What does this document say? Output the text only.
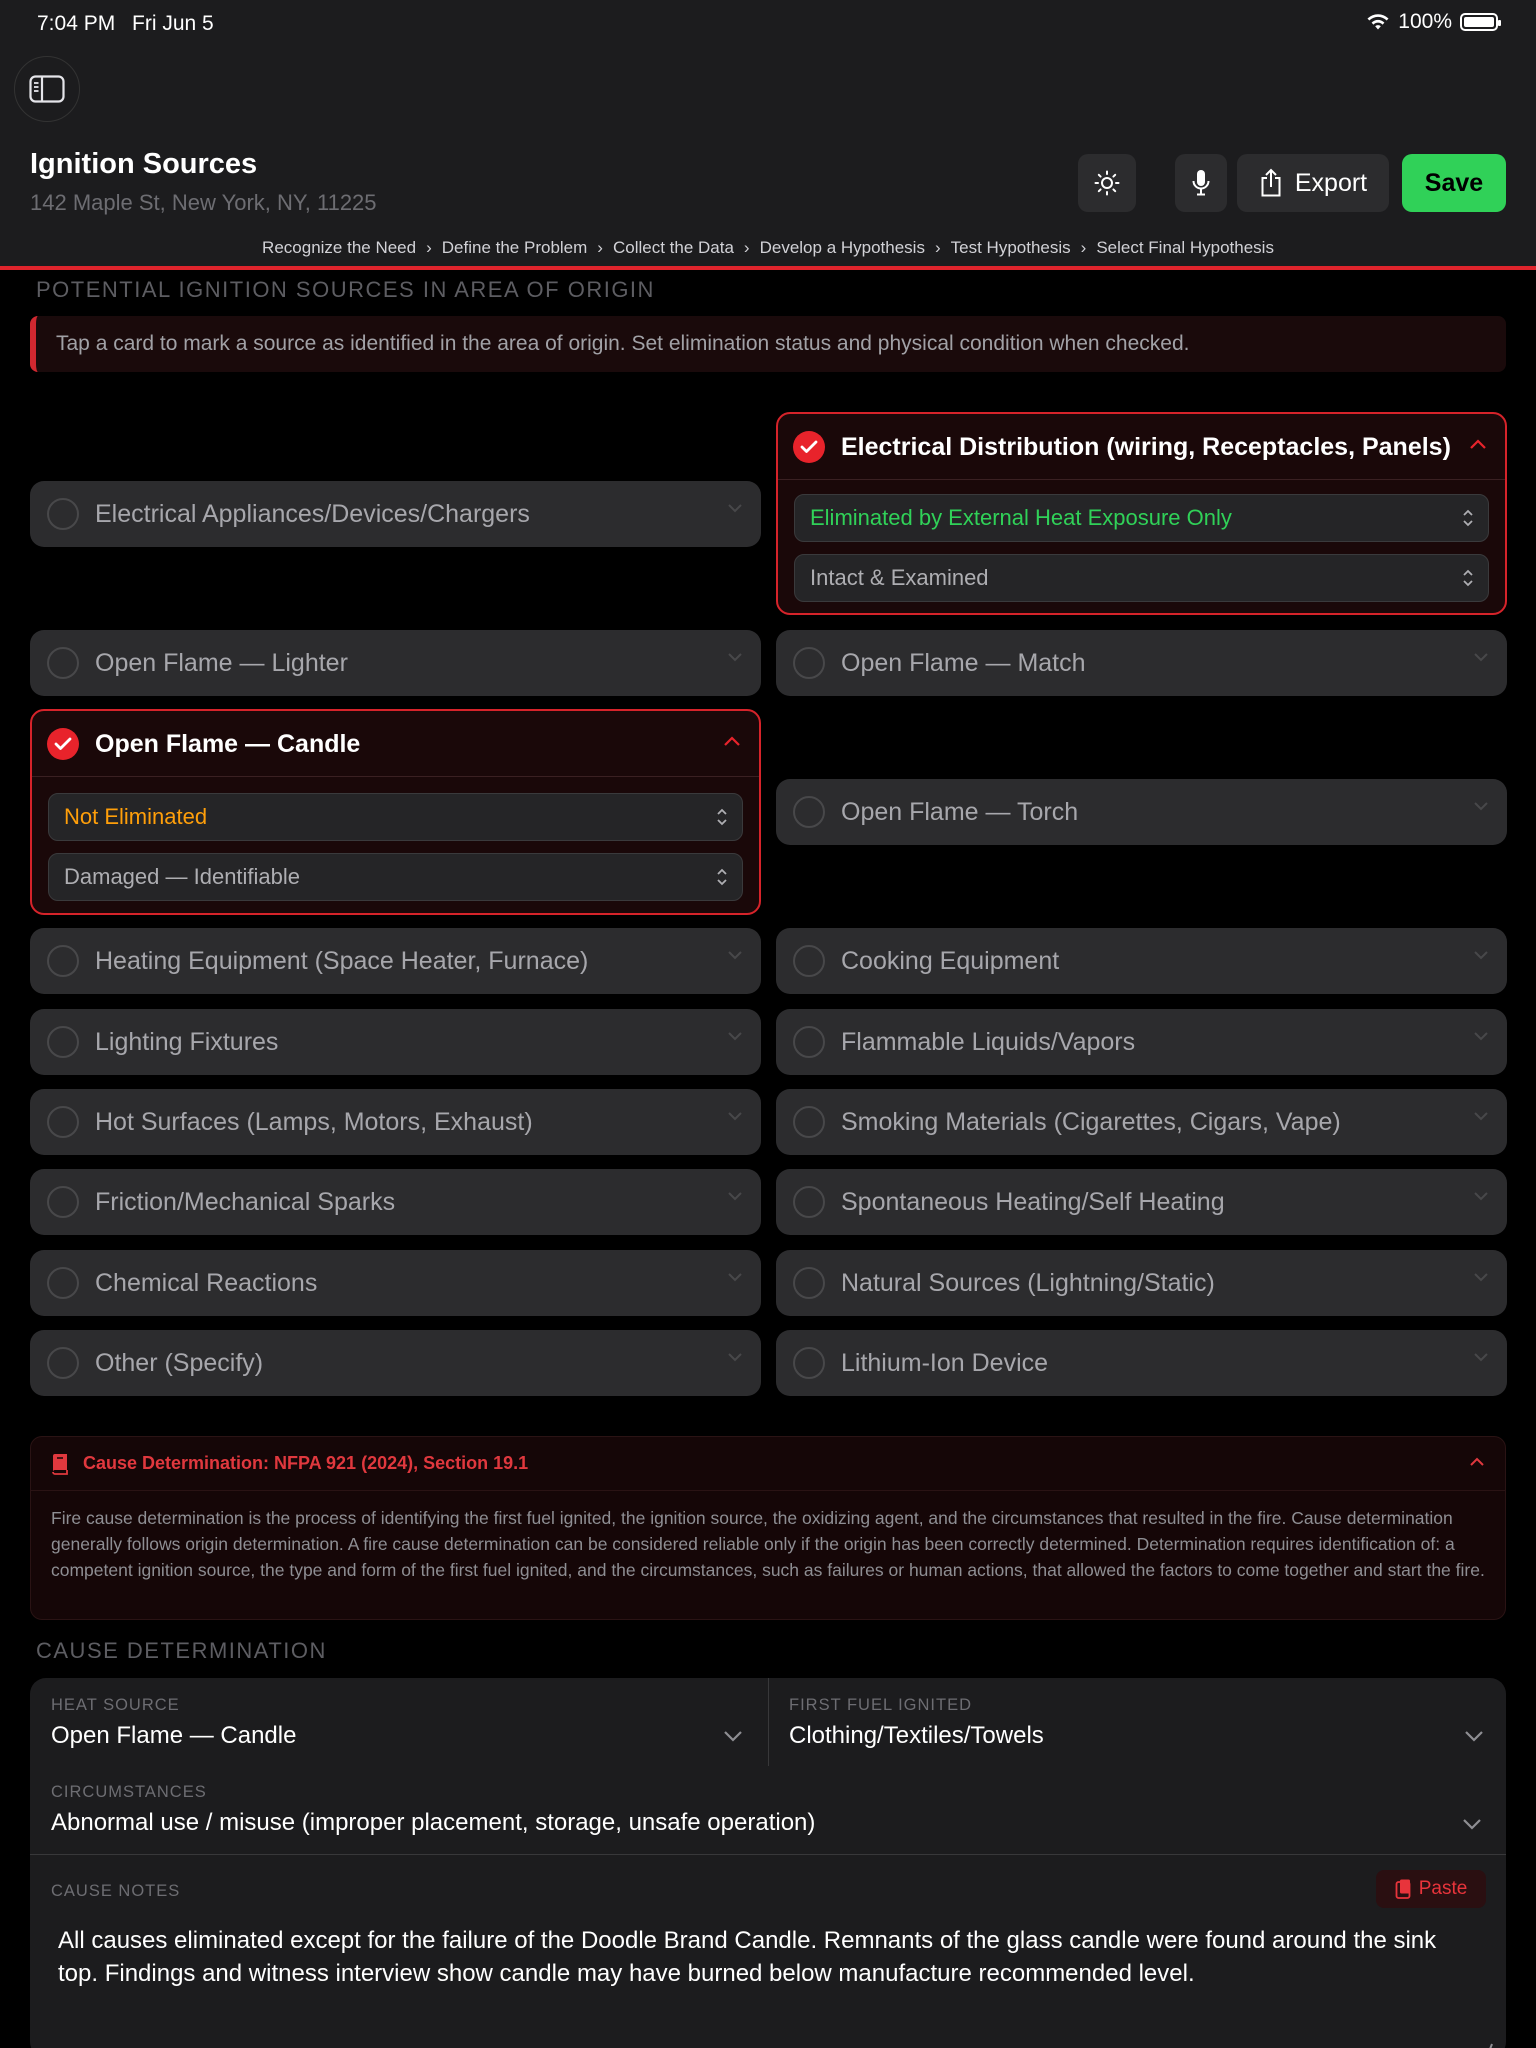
7:04 PM Fri Jun 5	100%
Ignition Sources
142 Maple St, New York, NY, 11225
Export	Save
Recognize the Need › Define the Problem › Collect the Data › Develop a Hypothesis › Test Hypothesis › Select Final Hypothesis
POTENTIAL IGNITION SOURCES IN AREA OF ORIGIN
Tap a card to mark a source as identified in the area of origin. Set elimination status and physical condition when checked.
Electrical Distribution (wiring, Receptacles, Panels)
Eliminated by External Heat Exposure Only
Intact & Examined
Electrical Appliances/Devices/Chargers
Open Flame — Lighter	Open Flame — Match
Open Flame — Candle
Not Eliminated
Damaged — Identifiable
Open Flame — Torch
Heating Equipment (Space Heater, Furnace)	Cooking Equipment
Lighting Fixtures	Flammable Liquids/Vapors
Hot Surfaces (Lamps, Motors, Exhaust)	Smoking Materials (Cigarettes, Cigars, Vape)
Friction/Mechanical Sparks	Spontaneous Heating/Self Heating
Chemical Reactions	Natural Sources (Lightning/Static)
Other (Specify)	Lithium-Ion Device
Cause Determination: NFPA 921 (2024), Section 19.1
Fire cause determination is the process of identifying the first fuel ignited, the ignition source, the oxidizing agent, and the circumstances that resulted in the fire. Cause determination generally follows origin determination. A fire cause determination can be considered reliable only if the origin has been correctly determined. Determination requires identification of: a competent ignition source, the type and form of the first fuel ignited, and the circumstances, such as failures or human actions, that allowed the factors to come together and start the fire.
CAUSE DETERMINATION
HEAT SOURCE
Open Flame — Candle
FIRST FUEL IGNITED
Clothing/Textiles/Towels
CIRCUMSTANCES
Abnormal use / misuse (improper placement, storage, unsafe operation)
CAUSE NOTES	Paste
All causes eliminated except for the failure of the Doodle Brand Candle. Remnants of the glass candle were found around the sink top. Findings and witness interview show candle may have burned below manufacture recommended level.
